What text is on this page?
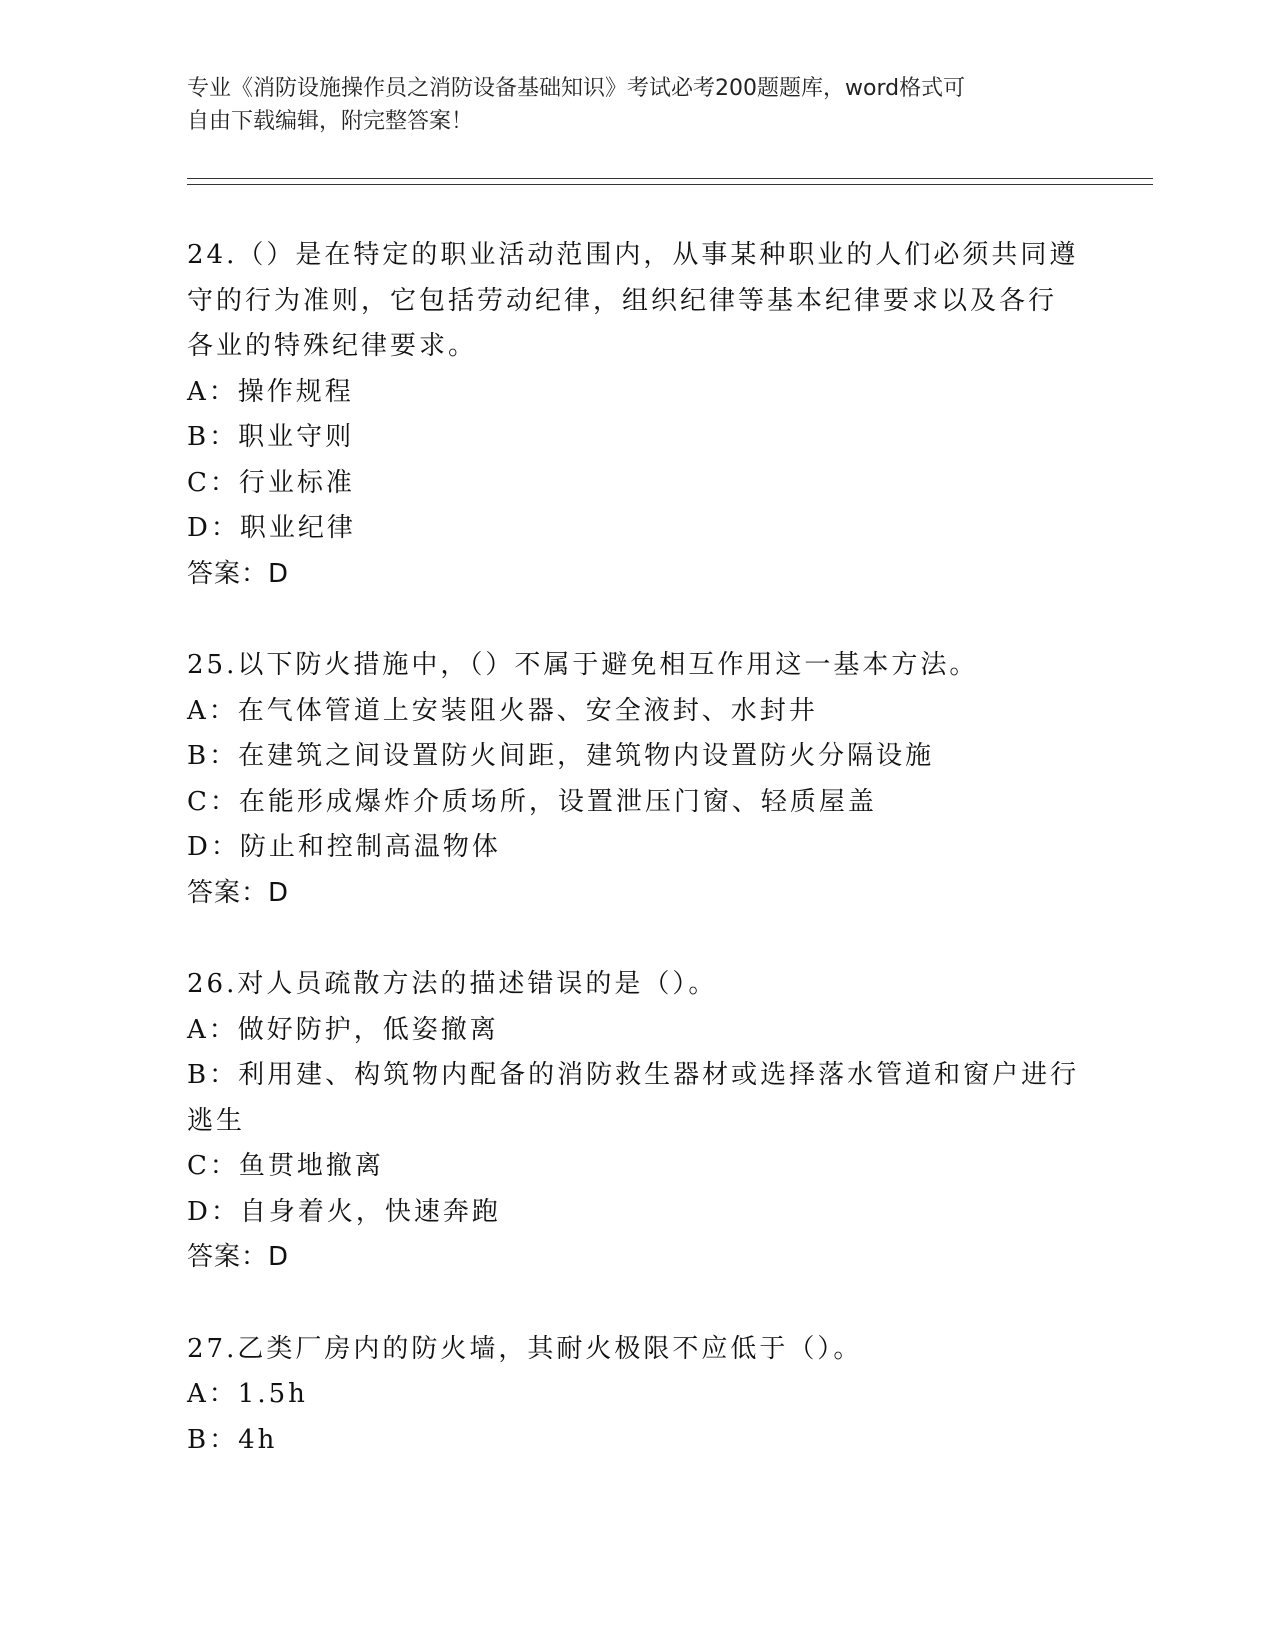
专业《消防设施操作员之消防设备基础知识》考试必考200题题库，word格式可
自由下载编辑，附完整答案！
24.（）是在特定的职业活动范围内，从事某种职业的人们必须共同遵
守的行为准则，它包括劳动纪律，组织纪律等基本纪律要求以及各行
各业的特殊纪律要求。
A：操作规程
B：职业守则
C：行业标准
D：职业纪律
答案：D
25.以下防火措施中，（）不属于避免相互作用这一基本方法。
A：在气体管道上安装阻火器、安全液封、水封井
B：在建筑之间设置防火间距，建筑物内设置防火分隔设施
C：在能形成爆炸介质场所，设置泄压门窗、轻质屋盖
D：防止和控制高温物体
答案：D
26.对人员疏散方法的描述错误的是（）。
A：做好防护，低姿撤离
B：利用建、构筑物内配备的消防救生器材或选择落水管道和窗户进行
逃生
C：鱼贯地撤离
D：自身着火，快速奔跑
答案：D
27.乙类厂房内的防火墙，其耐火极限不应低于（）。
A：1.5h
B：4h
